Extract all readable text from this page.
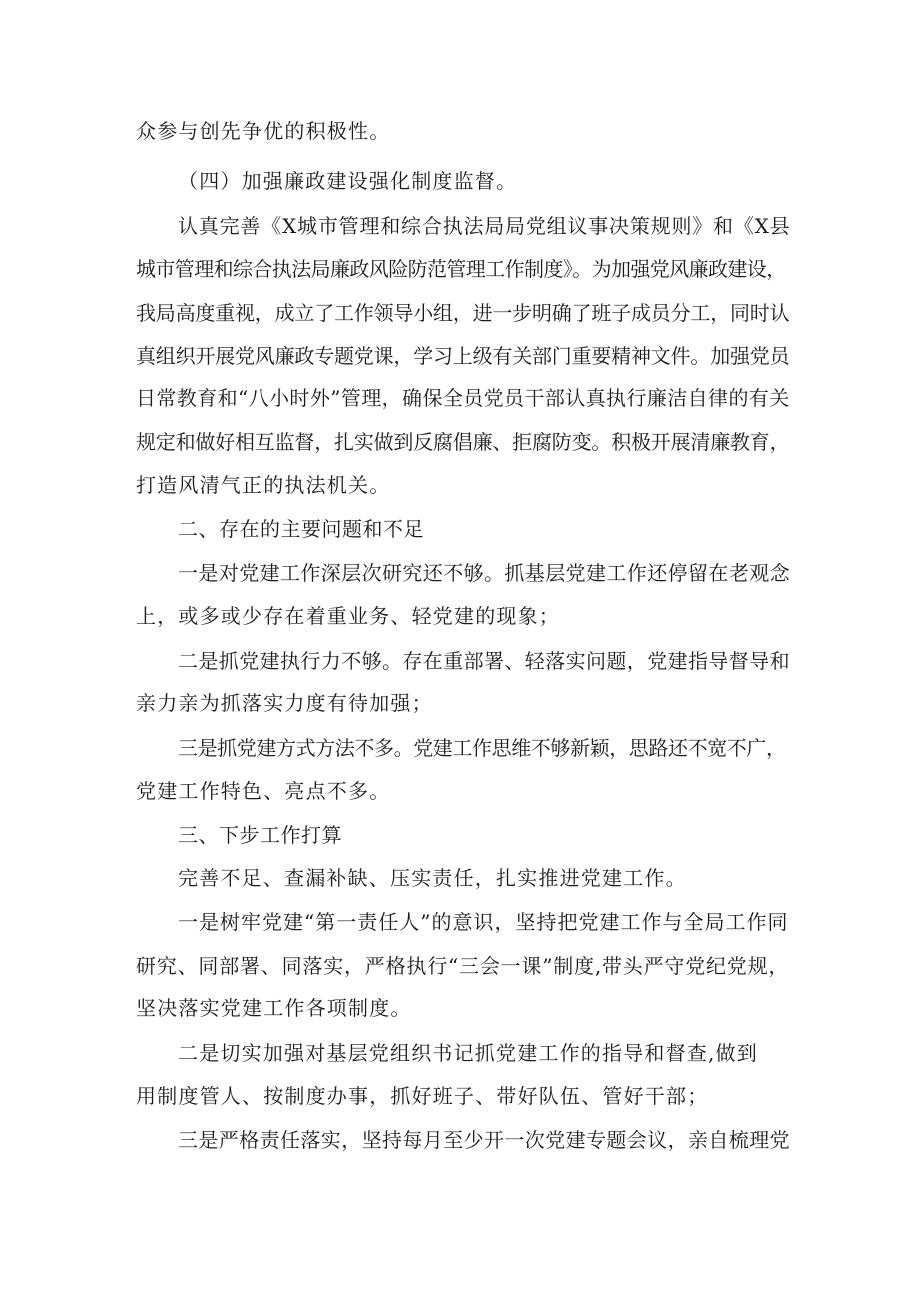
众参与创先争优的积极性。

（四）加强廉政建设强化制度监督。

认真完善《X城市管理和综合执法局局党组议事决策规则》和《X县

城市管理和综合执法局廉政风险防范管理工作制度》。为加强党风廉政建设，

我局高度重视，成立了工作领导小组，进一步明确了班子成员分工，同时认

真组织开展党风廉政专题党课，学习上级有关部门重要精神文件。加强党员

日常教育和“八小时外”管理，确保全员党员干部认真执行廉洁自律的有关

规定和做好相互监督，扎实做到反腐倡廉、拒腐防变。积极开展清廉教育，

打造风清气正的执法机关。

二、存在的主要问题和不足

一是对党建工作深层次研究还不够。抓基层党建工作还停留在老观念

上，或多或少存在着重业务、轻党建的现象；

二是抓党建执行力不够。存在重部署、轻落实问题，党建指导督导和

亲力亲为抓落实力度有待加强；

三是抓党建方式方法不多。党建工作思维不够新颖，思路还不宽不广，

党建工作特色、亮点不多。

三、下步工作打算

完善不足、查漏补缺、压实责任，扎实推进党建工作。

一是树牢党建“第一责任人”的意识，坚持把党建工作与全局工作同

研究、同部署、同落实，严格执行“三会一课”制度,带头严守党纪党规，

坚决落实党建工作各项制度。

二是切实加强对基层党组织书记抓党建工作的指导和督查,做到

用制度管人、按制度办事，抓好班子、带好队伍、管好干部；

三是严格责任落实，坚持每月至少开一次党建专题会议，亲自梳理党
